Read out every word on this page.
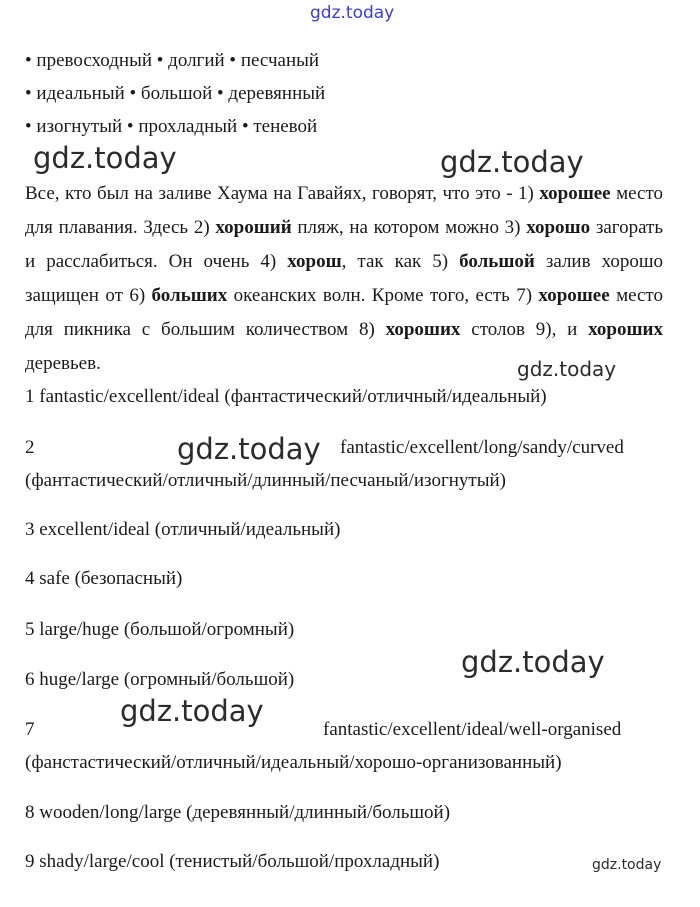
gdz.today
gdz.today	gdz.today
gdz.today
gdz.today
gdz.today
gdz.today
gdz.today
• превосходный • долгий • песчаный
• идеальный • большой • деревянный
• изогнутый • прохладный • теневой
Все, кто был на заливе Хаума на Гавайях, говорят, что это - 1) хорошее место для плавания. Здесь 2) хороший пляж, на котором можно 3) хорошо загорать и расслабиться. Он очень 4) хорош, так как 5) большой залив хорошо защищен от 6) больших океанских волн. Кроме того, есть 7) хорошее место для пикника с большим количеством 8) хороших столов 9), и хороших деревьев.
1 fantastic/excellent/ideal (фантастический/отличный/идеальный)
2	fantastic/excellent/long/sandy/curved
(фантастический/отличный/длинный/песчаный/изогнутый)
3 excellent/ideal (отличный/идеальный)
4 safe (безопасный)
5 large/huge (большой/огромный)
6 huge/large (огромный/большой)
7	fantastic/excellent/ideal/well-organised
(фанстастический/отличный/идеальный/хорошо-организованный)
8 wooden/long/large (деревянный/длинный/большой)
9 shady/large/cool (тенистый/большой/прохладный)
